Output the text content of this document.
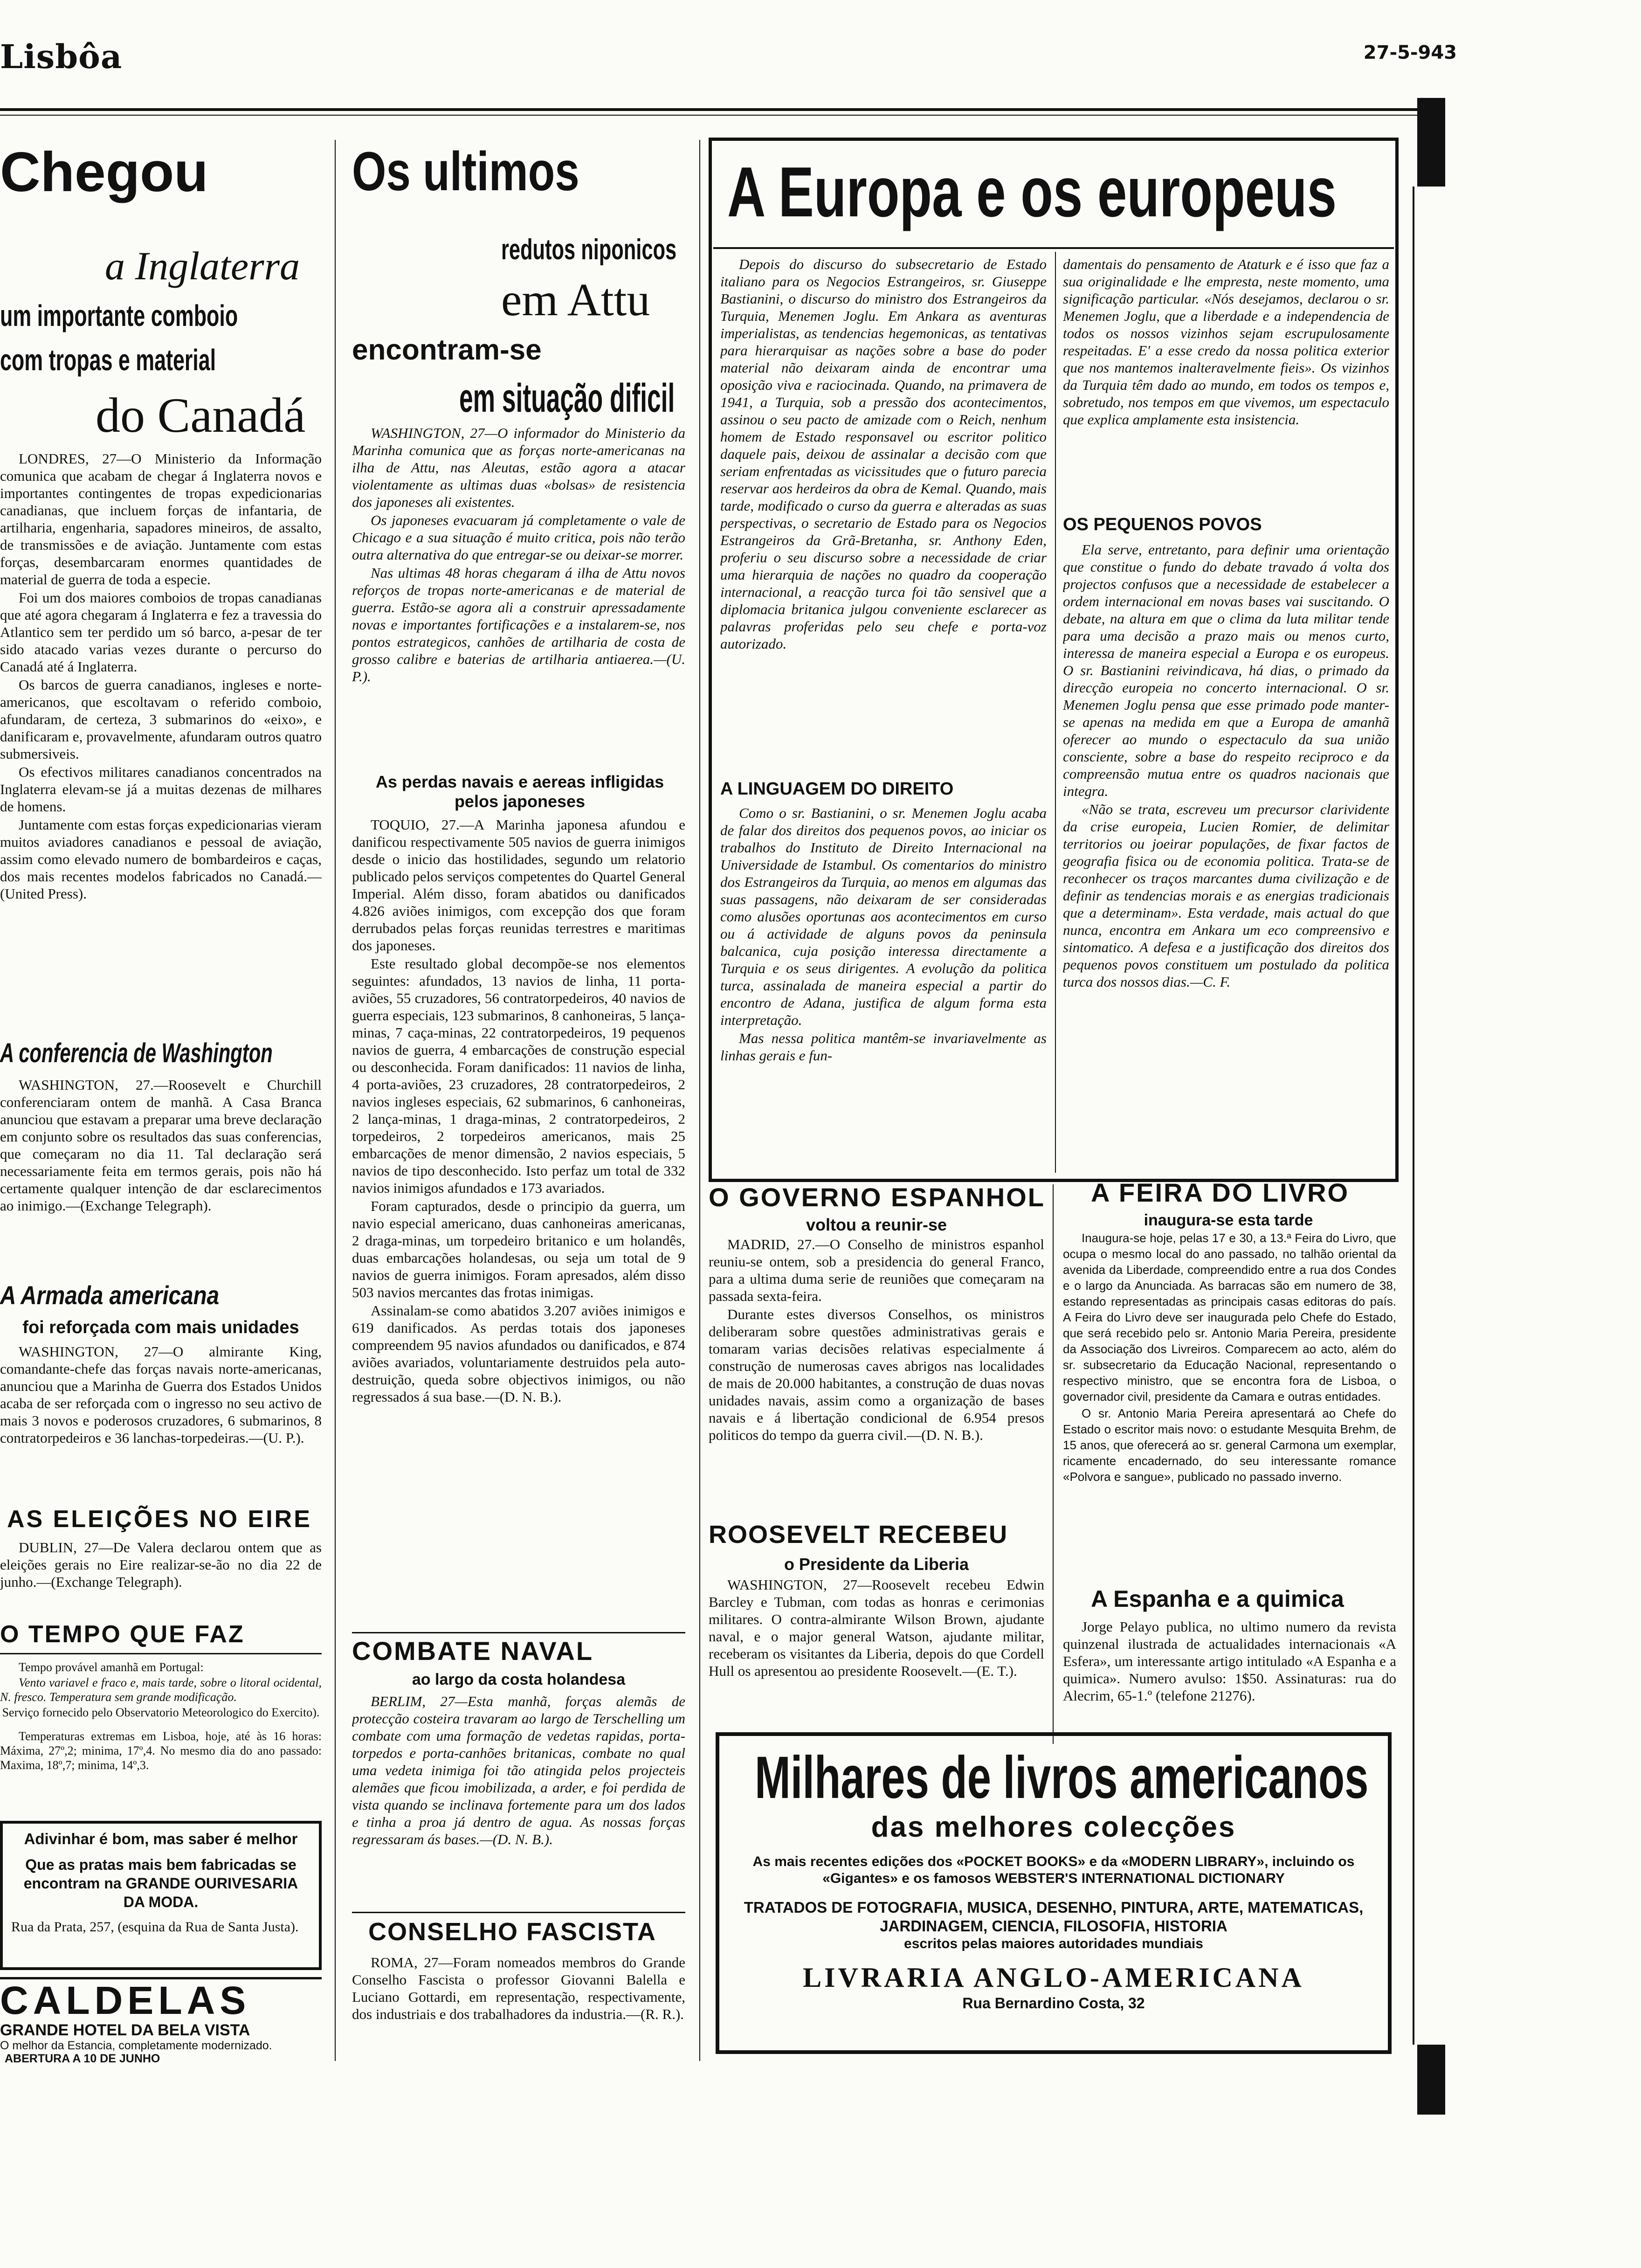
Lisbôa	27-5-943
Chegou
a Inglaterra
um importante comboio
com tropas e material
do Canadá

LONDRES, 27—O Ministerio da Informação comunica que acabam de chegar á Inglaterra novos e importantes contingentes de tropas expedicionarias canadianas, que incluem forças de infantaria, de artilharia, engenharia, sapadores mineiros, de assalto, de transmissões e de aviação. Juntamente com estas forças, desembarcaram enormes quantidades de material de guerra de toda a especie.

Foi um dos maiores comboios de tropas canadianas que até agora chegaram á Inglaterra e fez a travessia do Atlantico sem ter perdido um só barco, a-pesar de ter sido atacado varias vezes durante o percurso do Canadá até á Inglaterra.

Os barcos de guerra canadianos, ingleses e norte-americanos, que escoltavam o referido comboio, afundaram, de certeza, 3 submarinos do «eixo», e danificaram e, provavelmente, afundaram outros quatro submersiveis.

Os efectivos militares canadianos concentrados na Inglaterra elevam-se já a muitas dezenas de milhares de homens.

Juntamente com estas forças expedicionarias vieram muitos aviadores canadianos e pessoal de aviação, assim como elevado numero de bombardeiros e caças, dos mais recentes modelos fabricados no Canadá.—(United Press).

A conferencia de Washington

WASHINGTON, 27.—Roosevelt e Churchill conferenciaram ontem de manhã. A Casa Branca anunciou que estavam a preparar uma breve declaração em conjunto sobre os resultados das suas conferencias, que começaram no dia 11. Tal declaração será necessariamente feita em termos gerais, pois não há certamente qualquer intenção de dar esclarecimentos ao inimigo.—(Exchange Telegraph).

A Armada americana
foi reforçada com mais unidades

WASHINGTON, 27—O almirante King, comandante-chefe das forças navais norte-americanas, anunciou que a Marinha de Guerra dos Estados Unidos acaba de ser reforçada com o ingresso no seu activo de mais 3 novos e poderosos cruzadores, 6 submarinos, 8 contratorpedeiros e 36 lanchas-torpedeiras.—(U. P.).

AS ELEIÇÕES NO EIRE

DUBLIN, 27—De Valera declarou ontem que as eleições gerais no Eire realizar-se-ão no dia 22 de junho.—(Exchange Telegraph).

O TEMPO QUE FAZ

Tempo provável amanhã em Portugal:

Vento variavel e fraco e, mais tarde, sobre o litoral ocidental, N. fresco. Temperatura sem grande modificação.

Serviço fornecido pelo Observatorio Meteorologico do Exercito).

Temperaturas extremas em Lisboa, hoje, até às 16 horas: Máxima, 27º,2; minima, 17º,4. No mesmo dia do ano passado: Maxima, 18º,7; minima, 14º,3.

Adivinhar é bom, mas saber é melhor
Que as pratas mais bem fabricadas se encontram na GRANDE OURIVESARIA DA MODA.
Rua da Prata, 257, (esquina da Rua de Santa Justa).
CALDELAS
GRANDE HOTEL DA BELA VISTA
O melhor da Estancia, completamente modernizado. ABERTURA A 10 DE JUNHO
Os ultimos
redutos niponicos
em Attu
encontram-se
em situação dificil

WASHINGTON, 27—O informador do Ministerio da Marinha comunica que as forças norte-americanas na ilha de Attu, nas Aleutas, estão agora a atacar violentamente as ultimas duas «bolsas» de resistencia dos japoneses ali existentes.

Os japoneses evacuaram já completamente o vale de Chicago e a sua situação é muito critica, pois não terão outra alternativa do que entregar-se ou deixar-se morrer.

Nas ultimas 48 horas chegaram á ilha de Attu novos reforços de tropas norte-americanas e de material de guerra. Estão-se agora ali a construir apressadamente novas e importantes fortificações e a instalarem-se, nos pontos estrategicos, canhões de artilharia de costa de grosso calibre e baterias de artilharia antiaerea.—(U. P.).

As perdas navais e aereas infligidas pelos japoneses

TOQUIO, 27.—A Marinha japonesa afundou e danificou respectivamente 505 navios de guerra inimigos desde o inicio das hostilidades, segundo um relatorio publicado pelos serviços competentes do Quartel General Imperial. Além disso, foram abatidos ou danificados 4.826 aviões inimigos, com excepção dos que foram derrubados pelas forças reunidas terrestres e maritimas dos japoneses.

Este resultado global decompõe-se nos elementos seguintes: afundados, 13 navios de linha, 11 porta-aviões, 55 cruzadores, 56 contratorpedeiros, 40 navios de guerra especiais, 123 submarinos, 8 canhoneiras, 5 lança-minas, 7 caça-minas, 22 contratorpedeiros, 19 pequenos navios de guerra, 4 embarcações de construção especial ou desconhecida. Foram danificados: 11 navios de linha, 4 porta-aviões, 23 cruzadores, 28 contratorpedeiros, 2 navios ingleses especiais, 62 submarinos, 6 canhoneiras, 2 lança-minas, 1 draga-minas, 2 contratorpedeiros, 2 torpedeiros, 2 torpedeiros americanos, mais 25 embarcações de menor dimensão, 2 navios especiais, 5 navios de tipo desconhecido. Isto perfaz um total de 332 navios inimigos afundados e 173 avariados.

Foram capturados, desde o principio da guerra, um navio especial americano, duas canhoneiras americanas, 2 draga-minas, um torpedeiro britanico e um holandês, duas embarcações holandesas, ou seja um total de 9 navios de guerra inimigos. Foram apresados, além disso 503 navios mercantes das frotas inimigas.

Assinalam-se como abatidos 3.207 aviões inimigos e 619 danificados. As perdas totais dos japoneses compreendem 95 navios afundados ou danificados, e 874 aviões avariados, voluntariamente destruidos pela auto-destruição, queda sobre objectivos inimigos, ou não regressados á sua base.—(D. N. B.).

COMBATE NAVAL
ao largo da costa holandesa

BERLIM, 27—Esta manhã, forças alemãs de protecção costeira travaram ao largo de Terschelling um combate com uma formação de vedetas rapidas, porta-torpedos e porta-canhões britanicas, combate no qual uma vedeta inimiga foi tão atingida pelos projecteis alemães que ficou imobilizada, a arder, e foi perdida de vista quando se inclinava fortemente para um dos lados e tinha a proa já dentro de agua. As nossas forças regressaram ás bases.—(D. N. B.).

CONSELHO FASCISTA

ROMA, 27—Foram nomeados membros do Grande Conselho Fascista o professor Giovanni Balella e Luciano Gottardi, em representação, respectivamente, dos industriais e dos trabalhadores da industria.—(R. R.).

A Europa e os europeus

Depois do discurso do subsecretario de Estado italiano para os Negocios Estrangeiros, sr. Giuseppe Bastianini, o discurso do ministro dos Estrangeiros da Turquia, Menemen Joglu. Em Ankara as aventuras imperialistas, as tendencias hegemonicas, as tentativas para hierarquisar as nações sobre a base do poder material não deixaram ainda de encontrar uma oposição viva e raciocinada. Quando, na primavera de 1941, a Turquia, sob a pressão dos acontecimentos, assinou o seu pacto de amizade com o Reich, nenhum homem de Estado responsavel ou escritor politico daquele pais, deixou de assinalar a decisão com que seriam enfrentadas as vicissitudes que o futuro parecia reservar aos herdeiros da obra de Kemal. Quando, mais tarde, modificado o curso da guerra e alteradas as suas perspectivas, o secretario de Estado para os Negocios Estrangeiros da Grã-Bretanha, sr. Anthony Eden, proferiu o seu discurso sobre a necessidade de criar uma hierarquia de nações no quadro da cooperação internacional, a reacção turca foi tão sensivel que a diplomacia britanica julgou conveniente esclarecer as palavras proferidas pelo seu chefe e porta-voz autorizado.

A LINGUAGEM DO DIREITO

Como o sr. Bastianini, o sr. Menemen Joglu acaba de falar dos direitos dos pequenos povos, ao iniciar os trabalhos do Instituto de Direito Internacional na Universidade de Istambul. Os comentarios do ministro dos Estrangeiros da Turquia, ao menos em algumas das suas passagens, não deixaram de ser consideradas como alusões oportunas aos acontecimentos em curso ou á actividade de alguns povos da peninsula balcanica, cuja posição interessa directamente a Turquia e os seus dirigentes. A evolução da politica turca, assinalada de maneira especial a partir do encontro de Adana, justifica de algum forma esta interpretação.

Mas nessa politica mantêm-se invariavelmente as linhas gerais e fun-

damentais do pensamento de Ataturk e é isso que faz a sua originalidade e lhe empresta, neste momento, uma significação particular. «Nós desejamos, declarou o sr. Menemen Joglu, que a liberdade e a independencia de todos os nossos vizinhos sejam escrupulosamente respeitadas. E' a esse credo da nossa politica exterior que nos mantemos inalteravelmente fieis». Os vizinhos da Turquia têm dado ao mundo, em todos os tempos e, sobretudo, nos tempos em que vivemos, um espectaculo que explica amplamente esta insistencia.

OS PEQUENOS POVOS

Ela serve, entretanto, para definir uma orientação que constitue o fundo do debate travado á volta dos projectos confusos que a necessidade de estabelecer a ordem internacional em novas bases vai suscitando. O debate, na altura em que o clima da luta militar tende para uma decisão a prazo mais ou menos curto, interessa de maneira especial a Europa e os europeus. O sr. Bastianini reivindicava, há dias, o primado da direcção europeia no concerto internacional. O sr. Menemen Joglu pensa que esse primado pode manter-se apenas na medida em que a Europa de amanhã oferecer ao mundo o espectaculo da sua união consciente, sobre a base do respeito reciproco e da compreensão mutua entre os quadros nacionais que integra.

«Não se trata, escreveu um precursor clarividente da crise europeia, Lucien Romier, de delimitar territorios ou joeirar populações, de fixar factos de geografia fisica ou de economia politica. Trata-se de reconhecer os traços marcantes duma civilização e de definir as tendencias morais e as energias tradicionais que a determinam». Esta verdade, mais actual do que nunca, encontra em Ankara um eco compreensivo e sintomatico. A defesa e a justificação dos direitos dos pequenos povos constituem um postulado da politica turca dos nossos dias.—C. F.

O GOVERNO ESPANHOL
voltou a reunir-se

MADRID, 27.—O Conselho de ministros espanhol reuniu-se ontem, sob a presidencia do general Franco, para a ultima duma serie de reuniões que começaram na passada sexta-feira.

Durante estes diversos Conselhos, os ministros deliberaram sobre questões administrativas gerais e tomaram varias decisões relativas especialmente á construção de numerosas caves abrigos nas localidades de mais de 20.000 habitantes, a construção de duas novas unidades navais, assim como a organização de bases navais e á libertação condicional de 6.954 presos politicos do tempo da guerra civil.—(D. N. B.).

ROOSEVELT RECEBEU
o Presidente da Liberia

WASHINGTON, 27—Roosevelt recebeu Edwin Barcley e Tubman, com todas as honras e cerimonias militares. O contra-almirante Wilson Brown, ajudante naval, e o major general Watson, ajudante militar, receberam os visitantes da Liberia, depois do que Cordell Hull os apresentou ao presidente Roosevelt.—(E. T.).

A FEIRA DO LIVRO
inaugura-se esta tarde

Inaugura-se hoje, pelas 17 e 30, a 13.ª Feira do Livro, que ocupa o mesmo local do ano passado, no talhão oriental da avenida da Liberdade, compreendido entre a rua dos Condes e o largo da Anunciada. As barracas são em numero de 38, estando representadas as principais casas editoras do país. A Feira do Livro deve ser inaugurada pelo Chefe do Estado, que será recebido pelo sr. Antonio Maria Pereira, presidente da Associação dos Livreiros. Comparecem ao acto, além do sr. subsecretario da Educação Nacional, representando o respectivo ministro, que se encontra fora de Lisboa, o governador civil, presidente da Camara e outras entidades.

O sr. Antonio Maria Pereira apresentará ao Chefe do Estado o escritor mais novo: o estudante Mesquita Brehm, de 15 anos, que oferecerá ao sr. general Carmona um exemplar, ricamente encadernado, do seu interessante romance «Polvora e sangue», publicado no passado inverno.

A Espanha e a quimica

Jorge Pelayo publica, no ultimo numero da revista quinzenal ilustrada de actualidades internacionais «A Esfera», um interessante artigo intitulado «A Espanha e a quimica». Numero avulso: 1$50. Assinaturas: rua do Alecrim, 65-1.º (telefone 21276).

Milhares de livros americanos
das melhores colecções
As mais recentes edições dos «POCKET BOOKS» e da «MODERN LIBRARY», incluindo os «Gigantes» e os famosos WEBSTER'S INTERNATIONAL DICTIONARY
TRATADOS DE FOTOGRAFIA, MUSICA, DESENHO, PINTURA, ARTE, MATEMATICAS, JARDINAGEM, CIENCIA, FILOSOFIA, HISTORIA
escritos pelas maiores autoridades mundiais
LIVRARIA ANGLO-AMERICANA
Rua Bernardino Costa, 32
